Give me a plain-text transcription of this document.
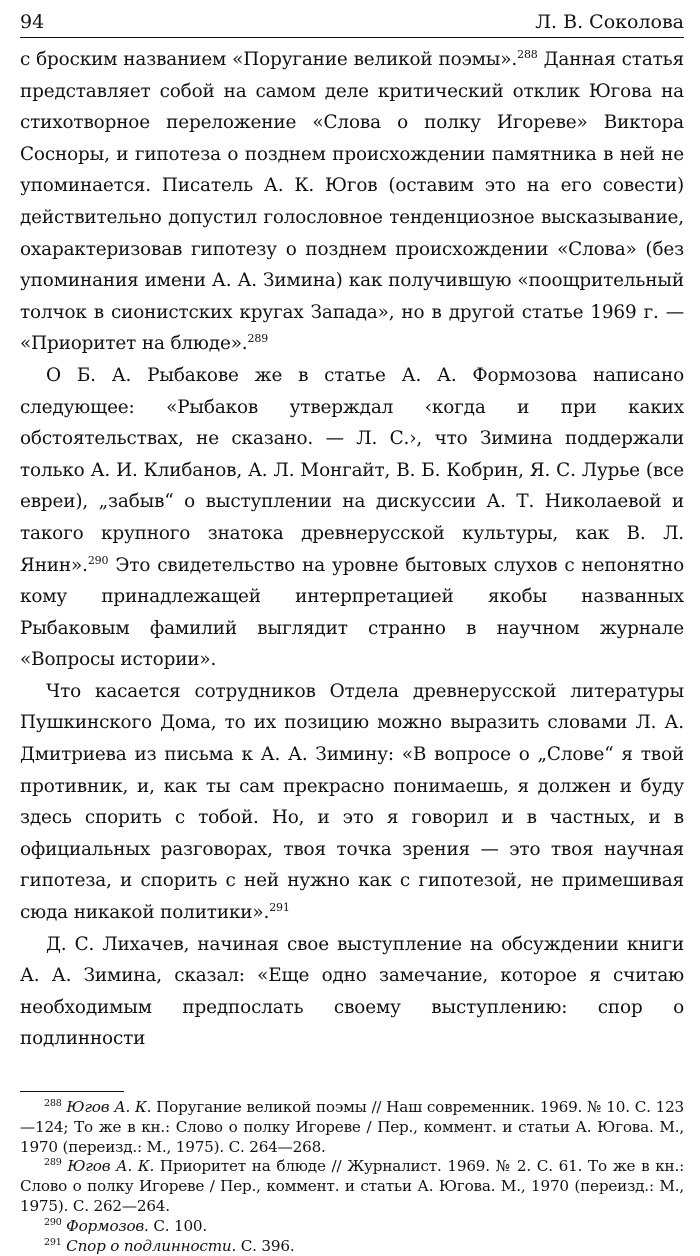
94	Л. В. Соколова

с броским названием «Поругание великой поэмы».$^{288}$ Данная статья представляет собой на самом деле критический отклик Югова на стихотворное переложение «Слова о полку Игореве» Виктора Сосноры, и гипотеза о позднем происхождении памятника в ней не упоминается. Писатель А. К. Югов (оставим это на его совести) действительно допустил голословное тенденциозное высказывание, охарактеризовав гипотезу о позднем происхождении «Слова» (без упоминания имени А. А. Зимина) как получившую «поощрительный толчок в сионистских кругах Запада», но в другой статье 1969 г. — «Приоритет на блюде».$^{289}$

О Б. А. Рыбакове же в статье А. А. Формозова написано следующее: «Рыбаков утверждал ‹когда и при каких обстоятельствах, не сказано. — Л. С.›, что Зимина поддержали только А. И. Клибанов, А. Л. Монгайт, В. Б. Кобрин, Я. С. Лурье (все евреи), „забыв“ о выступлении на дискуссии А. Т. Николаевой и такого крупного знатока древнерусской культуры, как В. Л. Янин».$^{290}$ Это свидетельство на уровне бытовых слухов с непонятно кому принадлежащей интерпретацией якобы названных Рыбаковым фамилий выглядит странно в научном журнале «Вопросы истории».

Что касается сотрудников Отдела древнерусской литературы Пушкинского Дома, то их позицию можно выразить словами Л. А. Дмитриева из письма к А. А. Зимину: «В вопросе о „Слове“ я твой противник, и, как ты сам прекрасно понимаешь, я должен и буду здесь спорить с тобой. Но, и это я говорил и в частных, и в официальных разговорах, твоя точка зрения — это твоя научная гипотеза, и спорить с ней нужно как с гипотезой, не примешивая сюда никакой политики».$^{291}$

Д. С. Лихачев, начиная свое выступление на обсуждении книги А. А. Зимина, сказал: «Еще одно замечание, которое я считаю необходимым предпослать своему выступлению: спор о подлинности

$^{288}$ Югов А. К. Поругание великой поэмы // Наш современник. 1969. № 10. С. 123—124; То же в кн.: Слово о полку Игореве / Пер., коммент. и статьи А. Югова. М., 1970 (переизд.: М., 1975). С. 264—268.

$^{289}$ Югов А. К. Приоритет на блюде // Журналист. 1969. № 2. С. 61. То же в кн.: Слово о полку Игореве / Пер., коммент. и статьи А. Югова. М., 1970 (переизд.: М., 1975). С. 262—264.

$^{290}$ Формозов. С. 100.

$^{291}$ Спор о подлинности. С. 396.
